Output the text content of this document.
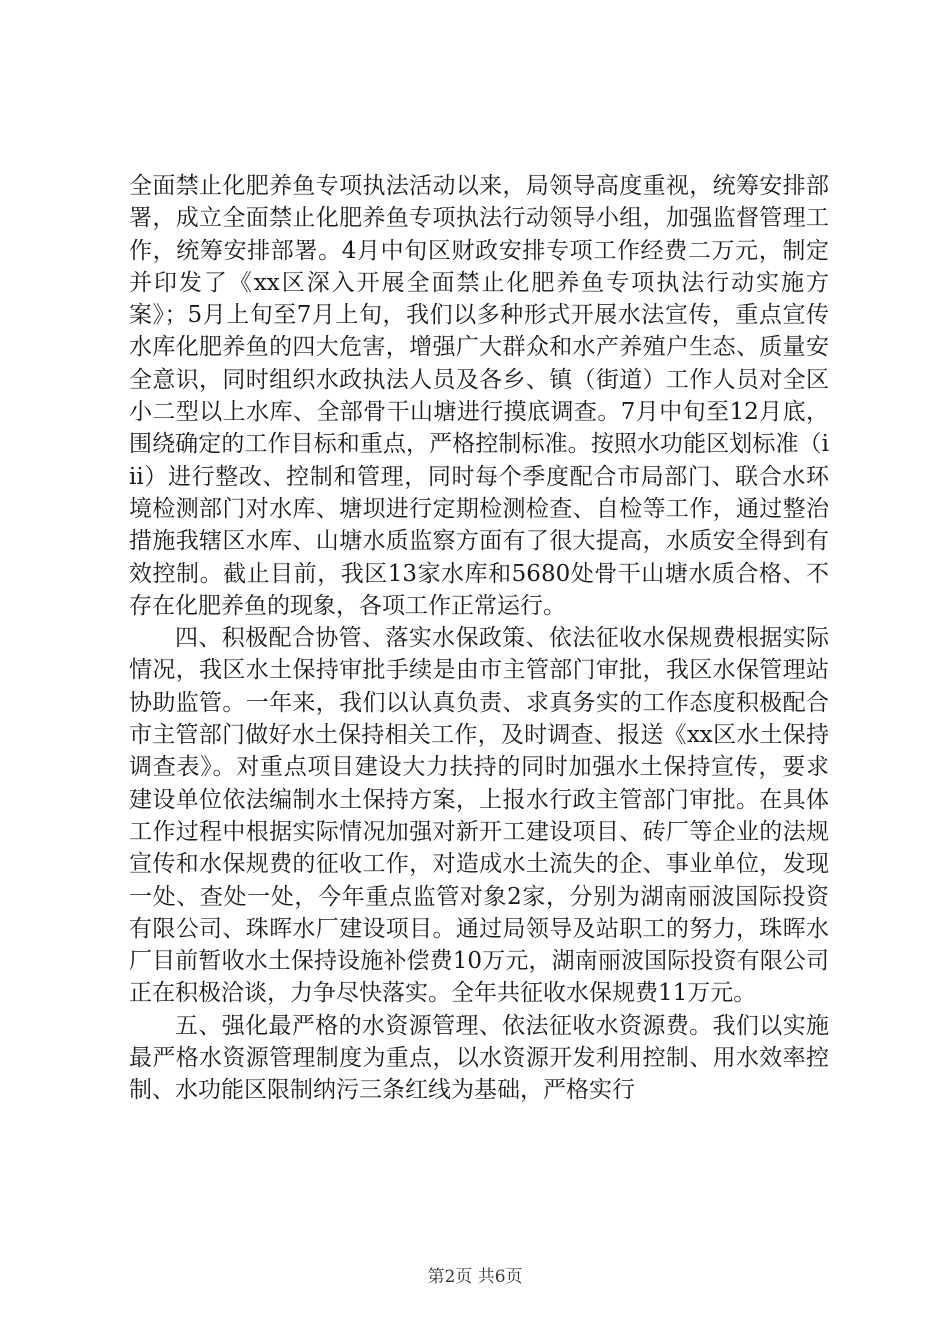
全面禁止化肥养鱼专项执法活动以来，局领导高度重视，统筹安排部署，成立全面禁止化肥养鱼专项执法行动领导小组，加强监督管理工作，统筹安排部署。4月中旬区财政安排专项工作经费二万元，制定并印发了《xx区深入开展全面禁止化肥养鱼专项执法行动实施方案》；5月上旬至7月上旬，我们以多种形式开展水法宣传，重点宣传水库化肥养鱼的四大危害，增强广大群众和水产养殖户生态、质量安全意识，同时组织水政执法人员及各乡、镇（街道）工作人员对全区小二型以上水库、全部骨干山塘进行摸底调查。7月中旬至12月底，围绕确定的工作目标和重点，严格控制标准。按照水功能区划标准（iii）进行整改、控制和管理，同时每个季度配合市局部门、联合水环境检测部门对水库、塘坝进行定期检测检查、自检等工作，通过整治措施我辖区水库、山塘水质监察方面有了很大提高，水质安全得到有效控制。截止目前，我区13家水库和5680处骨干山塘水质合格、不存在化肥养鱼的现象，各项工作正常运行。

四、积极配合协管、落实水保政策、依法征收水保规费根据实际情况，我区水土保持审批手续是由市主管部门审批，我区水保管理站协助监管。一年来，我们以认真负责、求真务实的工作态度积极配合市主管部门做好水土保持相关工作，及时调查、报送《xx区水土保持调查表》。对重点项目建设大力扶持的同时加强水土保持宣传，要求建设单位依法编制水土保持方案，上报水行政主管部门审批。在具体工作过程中根据实际情况加强对新开工建设项目、砖厂等企业的法规宣传和水保规费的征收工作，对造成水土流失的企、事业单位，发现一处、查处一处，今年重点监管对象2家，分别为湖南丽波国际投资有限公司、珠晖水厂建设项目。通过局领导及站职工的努力，珠晖水厂目前暂收水土保持设施补偿费10万元，湖南丽波国际投资有限公司正在积极洽谈，力争尽快落实。全年共征收水保规费11万元。

五、强化最严格的水资源管理、依法征收水资源费。我们以实施最严格水资源管理制度为重点，以水资源开发利用控制、用水效率控制、水功能区限制纳污三条红线为基础，严格实行

第2页 共6页
